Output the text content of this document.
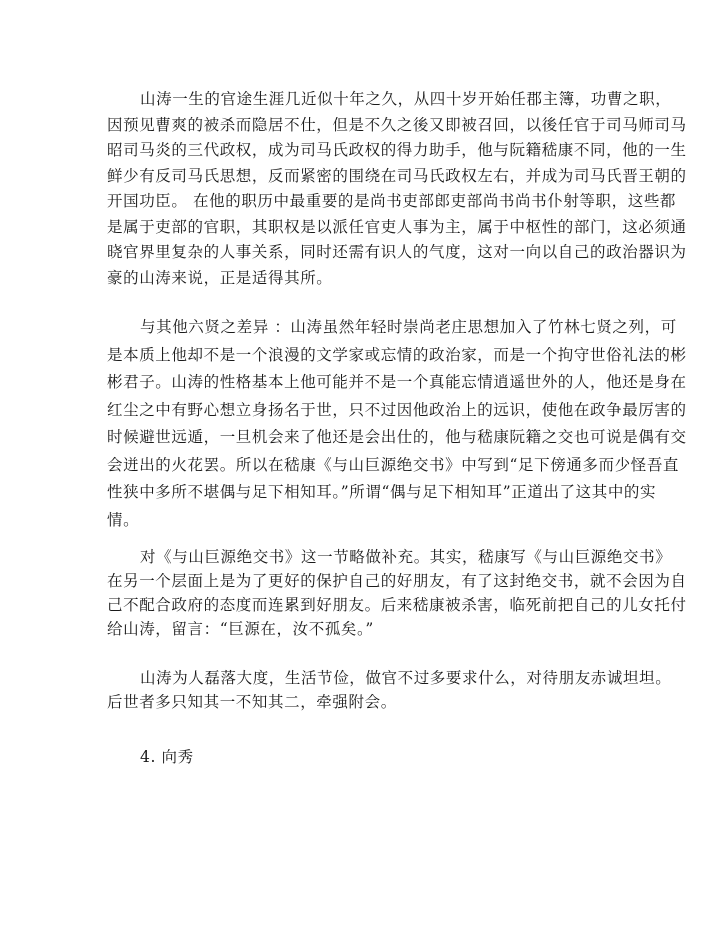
山涛一生的官途生涯几近似十年之久，从四十岁开始任郡主簿，功曹之职，
因预见曹爽的被杀而隐居不仕，但是不久之後又即被召回，以後任官于司马师司马
昭司马炎的三代政权，成为司马氏政权的得力助手，他与阮籍嵇康不同，他的一生
鲜少有反司马氏思想，反而紧密的围绕在司马氏政权左右，并成为司马氏晋王朝的
开国功臣。 在他的职历中最重要的是尚书吏部郎吏部尚书尚书仆射等职，这些都
是属于吏部的官职，其职权是以派任官吏人事为主，属于中枢性的部门，这必须通
晓官界里复杂的人事关系，同时还需有识人的气度，这对一向以自己的政治器识为
豪的山涛来说，正是适得其所。
与其他六贤之差异 ：山涛虽然年轻时崇尚老庄思想加入了竹林七贤之列，可
是本质上他却不是一个浪漫的文学家或忘情的政治家，而是一个拘守世俗礼法的彬
彬君子。山涛的性格基本上他可能并不是一个真能忘情逍遥世外的人，他还是身在
红尘之中有野心想立身扬名于世，只不过因他政治上的远识，使他在政争最厉害的
时候避世远遁，一旦机会来了他还是会出仕的，他与嵇康阮籍之交也可说是偶有交
会迸出的火花罢。所以在嵇康《与山巨源绝交书》中写到“足下傍通多而少怪吾直
性狭中多所不堪偶与足下相知耳。”所谓“偶与足下相知耳”正道出了这其中的实
情。
对《与山巨源绝交书》这一节略做补充。其实，嵇康写《与山巨源绝交书》
在另一个层面上是为了更好的保护自己的好朋友，有了这封绝交书，就不会因为自
己不配合政府的态度而连累到好朋友。后来嵇康被杀害，临死前把自己的儿女托付
给山涛，留言：“巨源在，汝不孤矣。”
山涛为人磊落大度，生活节俭，做官不过多要求什么，对待朋友赤诚坦坦。
后世者多只知其一不知其二，牵强附会。
4. 向秀
